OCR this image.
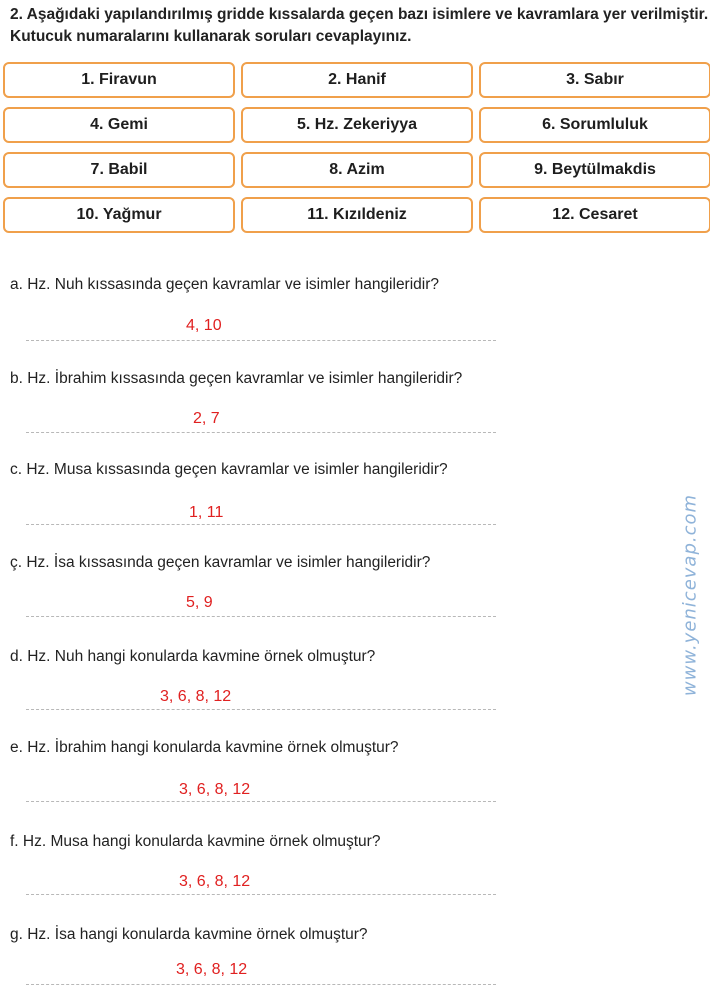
2. Aşağıdaki yapılandırılmış gridde kıssalarda geçen bazı isimlere ve kavramlara yer verilmiştir. Kutucuk numaralarını kullanarak soruları cevaplayınız.
1. Firavun	2. Hanif	3. Sabır
4. Gemi	5. Hz. Zekeriyya	6. Sorumluluk
7. Babil	8. Azim	9. Beytülmakdis
10. Yağmur	11. Kızıldeniz	12. Cesaret
a. Hz. Nuh kıssasında geçen kavramlar ve isimler hangileridir?
4, 10
b. Hz. İbrahim kıssasında geçen kavramlar ve isimler hangileridir?
2, 7
c. Hz. Musa kıssasında geçen kavramlar ve isimler hangileridir?
1, 11
ç. Hz. İsa kıssasında geçen kavramlar ve isimler hangileridir?
5, 9
d. Hz. Nuh hangi konularda kavmine örnek olmuştur?
3, 6, 8, 12
e. Hz. İbrahim hangi konularda kavmine örnek olmuştur?
3, 6, 8, 12
f. Hz. Musa hangi konularda kavmine örnek olmuştur?
3, 6, 8, 12
g. Hz. İsa hangi konularda kavmine örnek olmuştur?
3, 6, 8, 12
www.yenicevap.com
